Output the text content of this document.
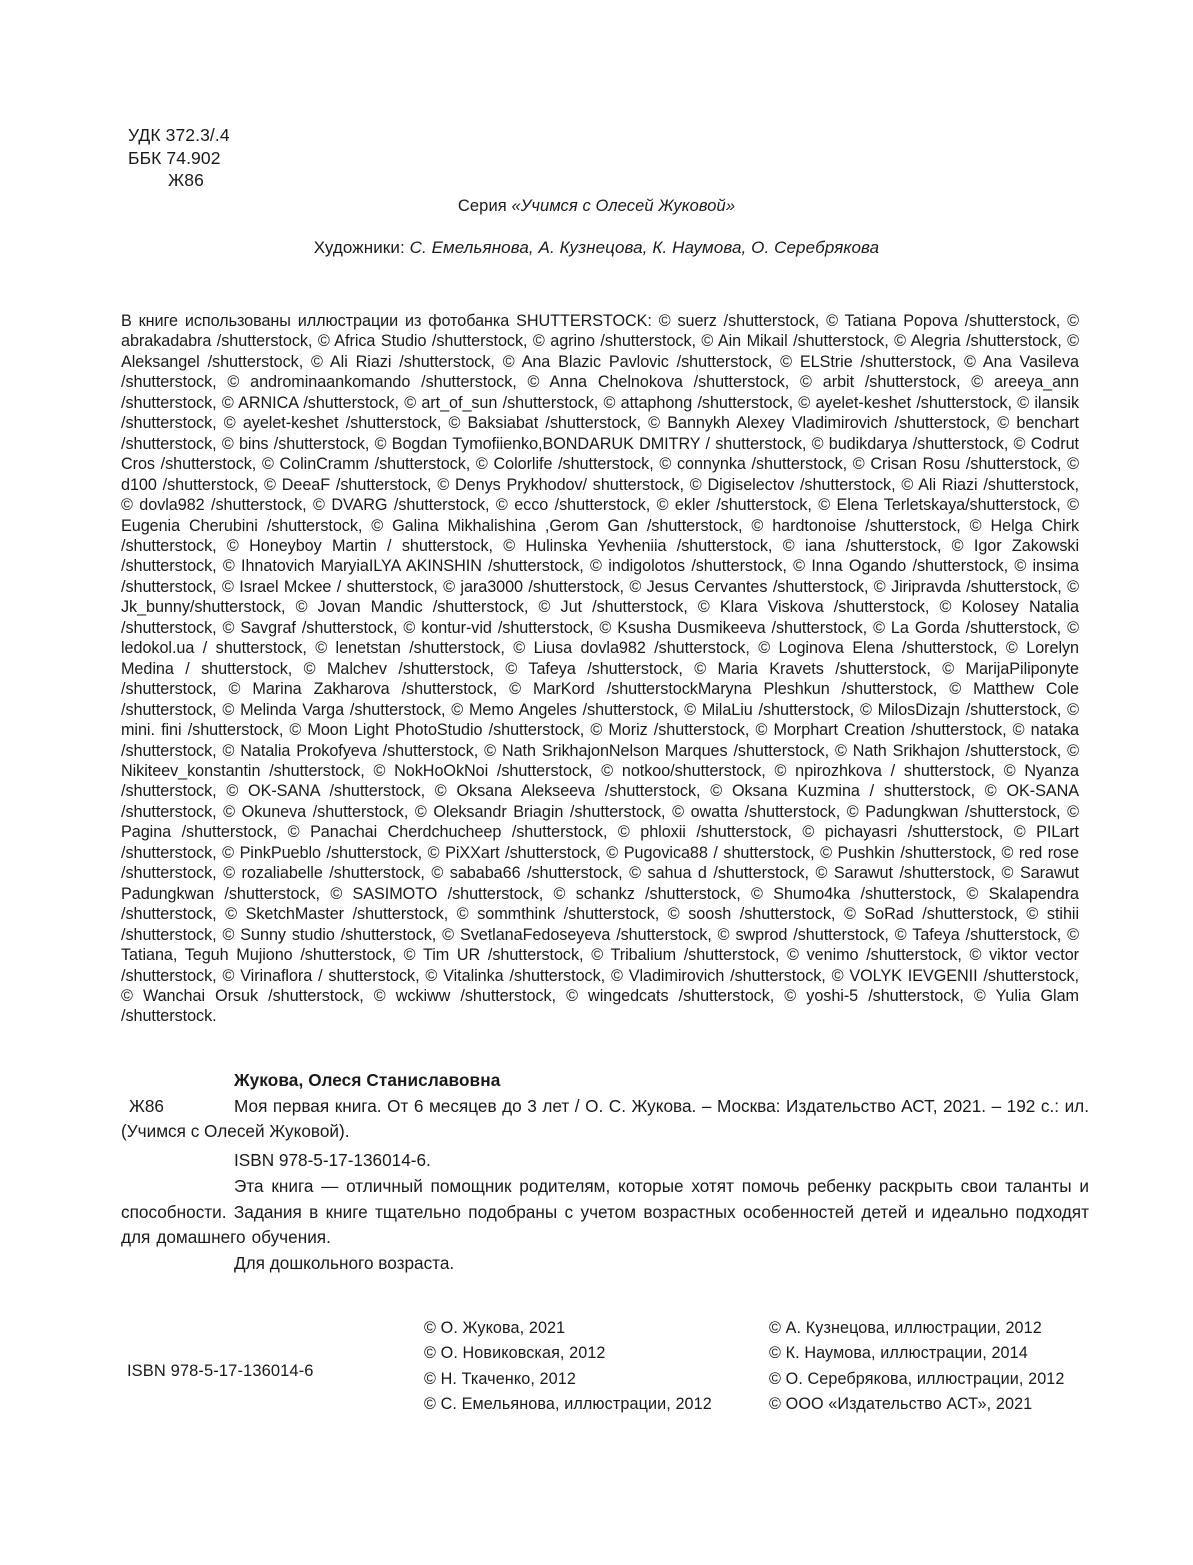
УДК 372.3/.4
ББК 74.902
Ж86
Серия «Учимся с Олесей Жуковой»
Художники: С. Емельянова, А. Кузнецова, К. Наумова, О. Серебрякова
В книге использованы иллюстрации из фотобанка SHUTTERSTOCK: © suerz /shutterstock, © Tatiana Popova /shutterstock, © abrakadabra /shutterstock, © Africa Studio /shutterstock, © agrino /shutterstock, © Ain Mikail /shutterstock, © Alegria /shutterstock, © Aleksangel /shutterstock, © Ali Riazi /shutterstock, © Ana Blazic Pavlovic /shutterstock, © ELStrie /shutterstock, © Ana Vasileva /shutterstock, © androminaankomando /shutterstock, © Anna Chelnokova /shutterstock, © arbit /shutterstock, © areeya_ann /shutterstock, © ARNICA /shutterstock, © art_of_sun /shutterstock, © attaphong /shutterstock, © ayelet-keshet /shutterstock, © ilansik /shutterstock, © ayelet-keshet /shutterstock, © Baksiabat /shutterstock, © Bannykh Alexey Vladimirovich /shutterstock, © benchart /shutterstock, © bins /shutterstock, © Bogdan Tymofiienko,BONDARUK DMITRY / shutterstock, © budikdarya /shutterstock, © Codrut Cros /shutterstock, © ColinCramm /shutterstock, © Colorlife /shutterstock, © connynka /shutterstock, © Crisan Rosu /shutterstock, © d100 /shutterstock, © DeeaF /shutterstock, © Denys Prykhodov/ shutterstock, © Digiselectov /shutterstock, © Ali Riazi /shutterstock, © dovla982 /shutterstock, © DVARG /shutterstock, © ecco /shutterstock, © ekler /shutterstock, © Elena Terletskaya/shutterstock, © Eugenia Cherubini /shutterstock, © Galina Mikhalishina ,Gerom Gan /shutterstock, © hardtonoise /shutterstock, © Helga Chirk /shutterstock, © Honeyboy Martin / shutterstock, © Hulinska Yevheniia /shutterstock, © iana /shutterstock, © Igor Zakowski /shutterstock, © Ihnatovich MaryiaILYA AKINSHIN /shutterstock, © indigolotos /shutterstock, © Inna Ogando /shutterstock, © insima /shutterstock, © Israel Mckee / shutterstock, © jara3000 /shutterstock, © Jesus Cervantes /shutterstock, © Jiripravda /shutterstock, © Jk_bunny/shutterstock, © Jovan Mandic /shutterstock, © Jut /shutterstock, © Klara Viskova /shutterstock, © Kolosey Natalia /shutterstock, © Savgraf /shutterstock, © kontur-vid /shutterstock, © Ksusha Dusmikeeva /shutterstock, © La Gorda /shutterstock, © ledokol.ua / shutterstock, © lenetstan /shutterstock, © Liusa dovla982 /shutterstock, © Loginova Elena /shutterstock, © Lorelyn Medina / shutterstock, © Malchev /shutterstock, © Tafeya /shutterstock, © Maria Kravets /shutterstock, © MarijaPiliponyte /shutterstock, © Marina Zakharova /shutterstock, © MarKord /shutterstockMaryna Pleshkun /shutterstock, © Matthew Cole /shutterstock, © Melinda Varga /shutterstock, © Memo Angeles /shutterstock, © MilaLiu /shutterstock, © MilosDizajn /shutterstock, © mini. fini /shutterstock, © Moon Light PhotoStudio /shutterstock, © Moriz /shutterstock, © Morphart Creation /shutterstock, © nataka /shutterstock, © Natalia Prokofyeva /shutterstock, © Nath SrikhajonNelson Marques /shutterstock, © Nath Srikhajon /shutterstock, © Nikiteev_konstantin /shutterstock, © NokHoOkNoi /shutterstock, © notkoo/shutterstock, © npirozhkova / shutterstock, © Nyanza /shutterstock, © OK-SANA /shutterstock, © Oksana Alekseeva /shutterstock, © Oksana Kuzmina / shutterstock, © OK-SANA /shutterstock, © Okuneva /shutterstock, © Oleksandr Briagin /shutterstock, © owatta /shutterstock, © Padungkwan /shutterstock, © Pagina /shutterstock, © Panachai Cherdchucheep /shutterstock, © phloxii /shutterstock, © pichayasri /shutterstock, © PILart /shutterstock, © PinkPueblo /shutterstock, © PiXXart /shutterstock, © Pugovica88 / shutterstock, © Pushkin /shutterstock, © red rose /shutterstock, © rozaliabelle /shutterstock, © sababa66 /shutterstock, © sahua d /shutterstock, © Sarawut /shutterstock, © Sarawut Padungkwan /shutterstock, © SASIMOTO /shutterstock, © schankz /shutterstock, © Shumo4ka /shutterstock, © Skalapendra /shutterstock, © SketchMaster /shutterstock, © sommthink /shutterstock, © soosh /shutterstock, © SoRad /shutterstock, © stihii /shutterstock, © Sunny studio /shutterstock, © SvetlanaFedoseyeva /shutterstock, © swprod /shutterstock, © Tafeya /shutterstock, © Tatiana, Teguh Mujiono /shutterstock, © Tim UR /shutterstock, © Tribalium /shutterstock, © venimo /shutterstock, © viktor vector /shutterstock, © Virinaflora / shutterstock, © Vitalinka /shutterstock, © Vladimirovich /shutterstock, © VOLYK IEVGENII /shutterstock, © Wanchai Orsuk /shutterstock, © wckiww /shutterstock, © wingedcats /shutterstock, © yoshi-5 /shutterstock, © Yulia Glam /shutterstock.
Ж86
Жукова, Олеся Станиславовна
Моя первая книга. От 6 месяцев до 3 лет / О. С. Жукова. – Москва: Издательство АСТ, 2021. – 192 с.: ил. (Учимся с Олесей Жуковой).
ISBN 978-5-17-136014-6.
Эта книга — отличный помощник родителям, которые хотят помочь ребенку раскрыть свои таланты и способности. Задания в книге тщательно подобраны с учетом возрастных особенностей детей и идеально подходят для домашнего обучения.
Для дошкольного возраста.
ISBN 978-5-17-136014-6
© О. Жукова, 2021
© О. Новиковская, 2012
© Н. Ткаченко, 2012
© С. Емельянова, иллюстрации, 2012
© А. Кузнецова, иллюстрации, 2012
© К. Наумова, иллюстрации, 2014
© О. Серебрякова, иллюстрации, 2012
© ООО «Издательство АСТ», 2021
